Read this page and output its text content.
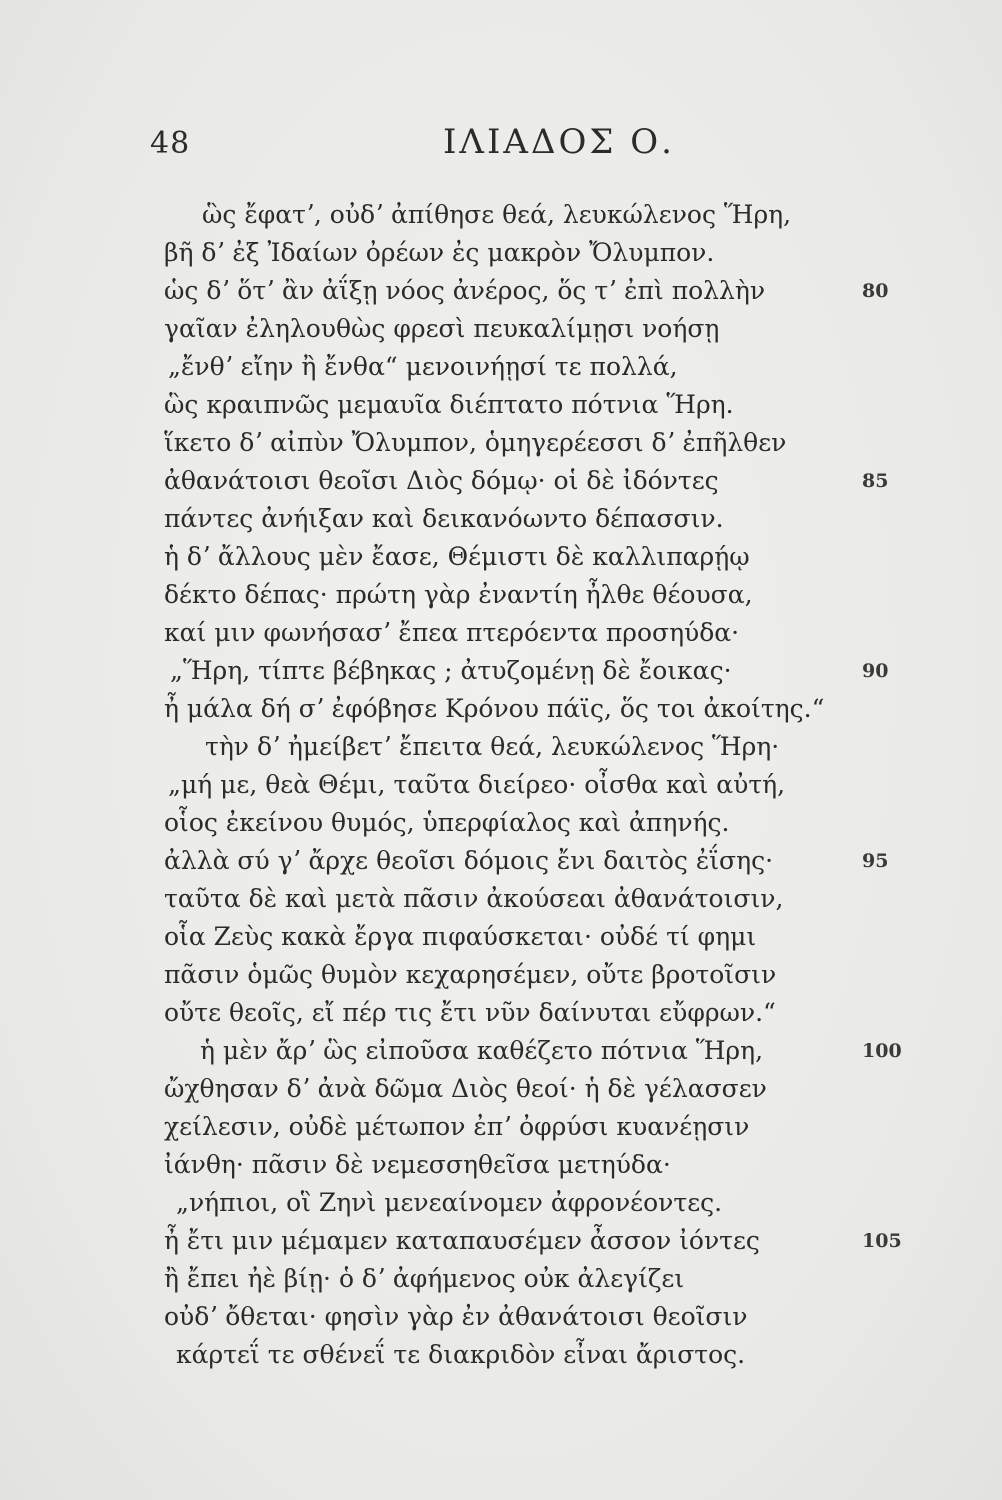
48	ΙΛΙΑΔΟΣ Ο.
ὣς ἔφατʼ, οὐδʼ ἀπίθησε θεά, λευκώλενος Ἥρη,
βῆ δʼ ἐξ Ἰδαίων ὀρέων ἐς μακρὸν Ὄλυμπον.
ὡς δʼ ὅτʼ ἂν ἀΐξῃ νόος ἀνέρος, ὅς τʼ ἐπὶ πολλὴν	80
γαῖαν ἐληλουθὼς φρεσὶ πευκαλίμῃσι νοήσῃ
„ἔνθʼ εἴην ἢ ἔνθα“ μενοινήῃσί τε πολλά,
ὣς κραιπνῶς μεμαυῖα διέπτατο πότνια Ἥρη.
ἵκετο δʼ αἰπὺν Ὄλυμπον, ὁμηγερέεσσι δʼ ἐπῆλθεν
ἀθανάτοισι θεοῖσι Διὸς δόμῳ· οἱ δὲ ἰδόντες	85
πάντες ἀνήιξαν καὶ δεικανόωντο δέπασσιν.
ἡ δʼ ἄλλους μὲν ἔασε, Θέμιστι δὲ καλλιπαρῄῳ
δέκτο δέπας· πρώτη γὰρ ἐναντίη ἦλθε θέουσα,
καί μιν φωνήσασʼ ἔπεα πτερόεντα προσηύδα·
„Ἥρη, τίπτε βέβηκας ; ἀτυζομένῃ δὲ ἔοικας·	90
ἦ μάλα δή σʼ ἐφόβησε Κρόνου πάϊς, ὅς τοι ἀκοίτης.“
τὴν δʼ ἠμείβετʼ ἔπειτα θεά, λευκώλενος Ἥρη·
„μή με, θεὰ Θέμι, ταῦτα διείρεο· οἶσθα καὶ αὐτή,
οἷος ἐκείνου θυμός, ὑπερφίαλος καὶ ἀπηνής.
ἀλλὰ σύ γʼ ἄρχε θεοῖσι δόμοις ἔνι δαιτὸς ἐΐσης·	95
ταῦτα δὲ καὶ μετὰ πᾶσιν ἀκούσεαι ἀθανάτοισιν,
οἷα Ζεὺς κακὰ ἔργα πιφαύσκεται· οὐδέ τί φημι
πᾶσιν ὁμῶς θυμὸν κεχαρησέμεν, οὔτε βροτοῖσιν
οὔτε θεοῖς, εἴ πέρ τις ἔτι νῦν δαίνυται εὔφρων.“
ἡ μὲν ἄρʼ ὣς εἰποῦσα καθέζετο πότνια Ἥρη,	100
ὤχθησαν δʼ ἀνὰ δῶμα Διὸς θεοί· ἡ δὲ γέλασσεν
χείλεσιν, οὐδὲ μέτωπον ἐπʼ ὀφρύσι κυανέῃσιν
ἰάνθη· πᾶσιν δὲ νεμεσσηθεῖσα μετηύδα·
„νήπιοι, οἳ Ζηνὶ μενεαίνομεν ἀφρονέοντες.
ἦ ἔτι μιν μέμαμεν καταπαυσέμεν ἆσσον ἰόντες	105
ἢ ἔπει ἠὲ βίῃ· ὁ δʼ ἀφήμενος οὐκ ἀλεγίζει
οὐδʼ ὄθεται· φησὶν γὰρ ἐν ἀθανάτοισι θεοῖσιν
κάρτεΐ τε σθένεΐ τε διακριδὸν εἶναι ἄριστος.
